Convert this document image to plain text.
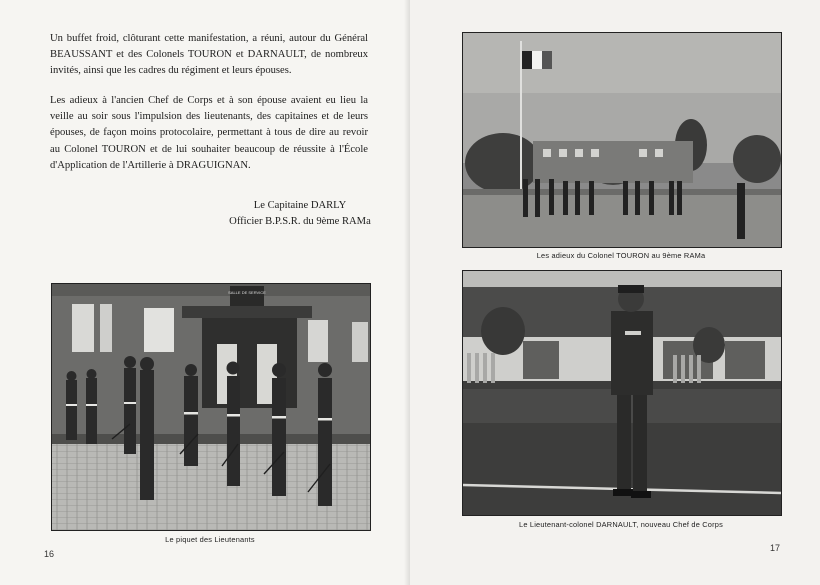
Un buffet froid, clôturant cette manifestation, a réuni, autour du Général BEAUSSANT et des Colonels TOURON et DARNAULT, de nombreux invités, ainsi que les cadres du régiment et leurs épouses.

Les adieux à l'ancien Chef de Corps et à son épouse avaient eu lieu la veille au soir sous l'impulsion des lieutenants, des capitaines et de leurs épouses, de façon moins protocolaire, permettant à tous de dire au revoir au Colonel TOURON et de lui souhaiter beaucoup de réussite à l'École d'Application de l'Artillerie à DRAGUIGNAN.

Le Capitaine DARLY
Officier B.P.S.R. du 9ème RAMa
SALLE DE SERVICE
Le piquet des Lieutenants
16
Les adieux du Colonel TOURON au 9ème RAMa
Le Lieutenant-colonel DARNAULT, nouveau Chef de Corps
17
